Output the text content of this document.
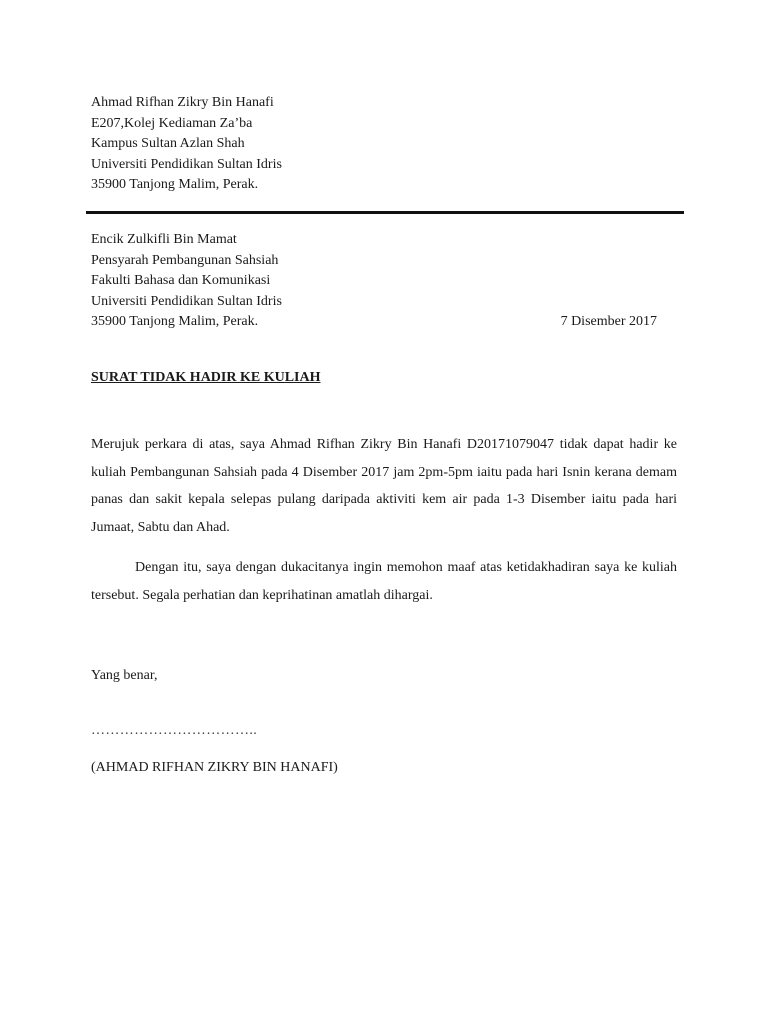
Ahmad Rifhan Zikry Bin Hanafi
E207,Kolej Kediaman Za’ba
Kampus Sultan Azlan Shah
Universiti Pendidikan Sultan Idris
35900 Tanjong Malim, Perak.
Encik Zulkifli Bin Mamat
Pensyarah Pembangunan Sahsiah
Fakulti Bahasa dan Komunikasi
Universiti Pendidikan Sultan Idris
35900 Tanjong Malim, Perak.	7 Disember 2017
SURAT TIDAK HADIR KE KULIAH

Merujuk perkara di atas, saya Ahmad Rifhan Zikry Bin Hanafi D20171079047 tidak dapat hadir ke kuliah Pembangunan Sahsiah pada 4 Disember 2017 jam 2pm-5pm iaitu pada hari Isnin kerana demam panas dan sakit kepala selepas pulang daripada aktiviti kem air pada 1-3 Disember iaitu pada hari Jumaat, Sabtu dan Ahad.

Dengan itu, saya dengan dukacitanya ingin memohon maaf atas ketidakhadiran saya ke kuliah tersebut. Segala perhatian dan keprihatinan amatlah dihargai.

Yang benar,
……………………………..
(AHMAD RIFHAN ZIKRY BIN HANAFI)
